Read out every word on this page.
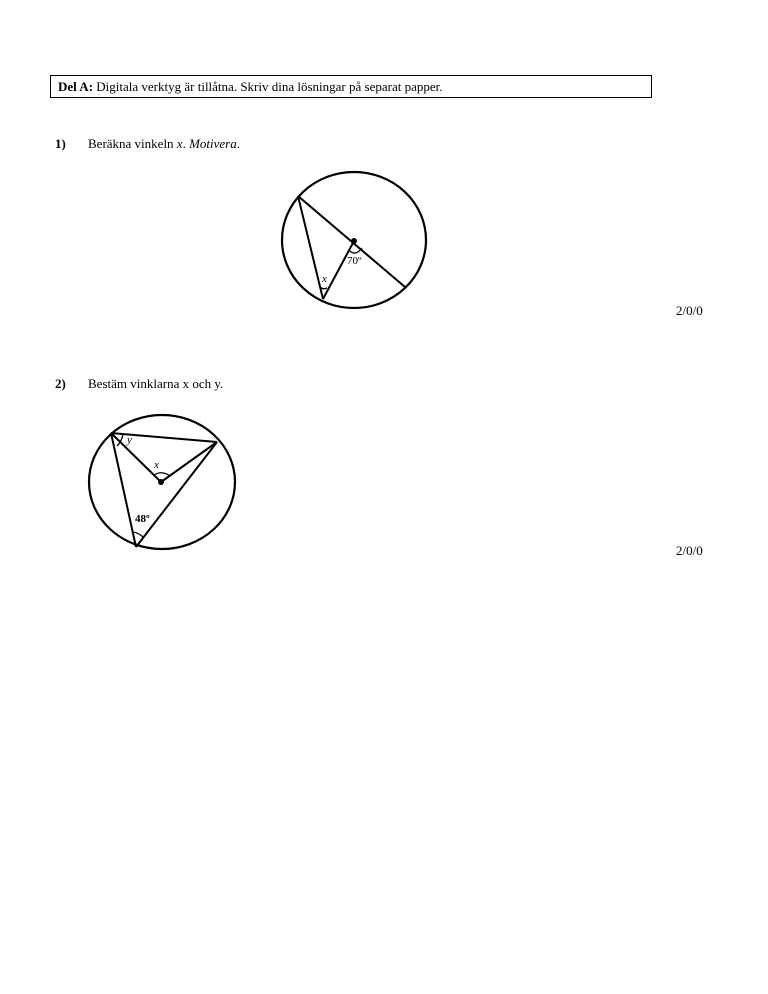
Del A: Digitala verktyg är tillåtna. Skriv dina lösningar på separat papper.
1) Beräkna vinkeln x. Motivera.
70º
x
2/0/0
2) Bestäm vinklarna x och y.
y
x
48º
2/0/0
